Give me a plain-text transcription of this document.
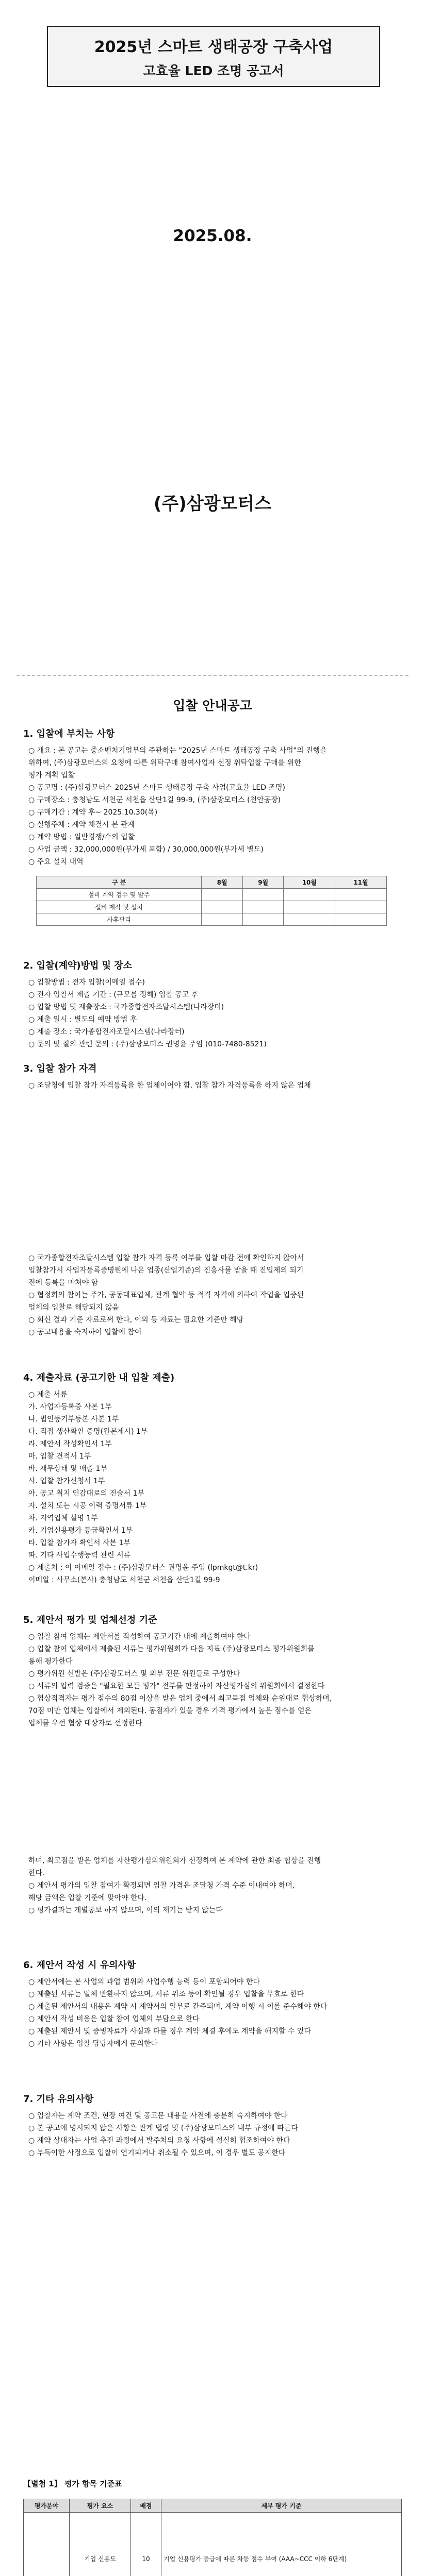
2025년 스마트 생태공장 구축사업
고효율 LED 조명 공고서
2025.08.
(주)삼광모터스
입찰 안내공고
1. 입찰에 부치는 사항
○ 개요 : 본 공고는 중소벤처기업부의 주관하는 "2025년 스마트 생태공장 구축 사업"의 진행을
위하여, (주)삼광모터스의 요청에 따른 위탁구매 참여사업자 선정 위탁입찰 구매를 위한
평가 계획 입찰
○ 공고명 : (주)삼광모터스 2025년 스마트 생태공장 구축 사업(고효율 LED 조명)
○ 구매장소 : 충청남도 서천군 서천읍 산단1길 99-9, (주)삼광모터스 (천안공장)
○ 구매기간 : 계약 후~ 2025.10.30(목)
○ 실행주체 : 계약 체결시 본 관계
○ 계약 방법 : 일반경쟁/수의 입찰
○ 사업 금액 : 32,000,000원(부가세 포함) / 30,000,000원(부가세 별도)
○ 주요 설치 내역
구 분	8월	9월	10월	11월
설비 계약 검수 및 발주				
설비 제작 및 설치				
사후관리				
2. 입찰(계약)방법 및 장소
○ 입찰방법 : 전자 입찰(이메일 접수)
○ 전자 입찰서 제출 기간 : (규모를 정해) 입찰 공고 후
○ 입찰 방법 및 제출장소 : 국가종합전자조달시스템(나라장터)
○ 제출 일시 : 별도의 예약 방법 후
○ 제출 장소 : 국가종합전자조달시스템(나라장터)
○ 문의 및 질의 관련 문의 : (주)삼광모터스 권명윤 주임 (010-7480-8521)
3. 입찰 참가 자격
○ 조달청에 입찰 참가 자격등록을 한 업체이어야 함. 입찰 참가 자격등록을 하지 않은 업체
○ 국가종합전자조달시스템 입찰 참가 자격 등록 여부를 입찰 마감 전에 확인하지 않아서
입찰참가시 사업자등록증명원에 나온 업종(산업기준)의 진흥사를 받을 때 진입제외 되기
전에 등록을 마쳐야 함
○ 협정회의 참여는 주가, 공동대표업체, 관계 협약 등 적격 자격에 의하여 작업을 입증된
업체의 입찰로 해당되지 않음
○ 회신 결과 기준 자료로써 한다, 이외 등 자료는 필요한 기준만 해당
○ 공고내용을 숙지하여 입찰에 참여
4. 제출자료 (공고기한 내 입찰 제출)
○ 제출 서류
가. 사업자등록증 사본 1부
나. 법인등기부등본 사본 1부
다. 직접 생산확인 증명(원본제시) 1부
라. 제안서 작성확인서 1부
마. 입찰 견적서 1부
바. 재무상태 및 매출 1부
사. 입찰 참가신청서 1부
아. 공고 취지 인감대로의 진술서 1부
자. 설치 또는 시공 이력 증명서류 1부
차. 지역업체 설명 1부
카. 기업신용평가 등급확인서 1부
타. 입찰 참가자 확인서 사본 1부
파. 기타 사업수행능력 관련 서류
○ 제출처 : 이 이메일 접수 : (주)삼광모터스 권명윤 주임 (lpmkgt@t.kr)
이메일 : 사무소(본사) 충청남도 서천군 서천읍 산단1길 99-9
5. 제안서 평가 및 업체선정 기준
○ 입찰 참여 업체는 제안서를 작성하여 공고기간 내에 제출하여야 한다
○ 입찰 참여 업체에서 제출된 서류는 평가위원회가 다음 지표 (주)삼광모터스 평가위원회를
통해 평가한다
○ 평가위원 선발은 (주)삼광모터스 및 외부 전문 위원들로 구성한다
○ 서류의 입력 검증은 "필요한 모든 평가" 전부를 판정하여 자산평가심의 위원회에서 결정한다
○ 협상적격자는 평가 점수의 80점 이상을 받은 업체 중에서 최고득점 업체와 순위대로 협상하며,
70점 미만 업체는 입찰에서 제외된다. 동점자가 있을 경우 가격 평가에서 높은 점수를 얻은
업체를 우선 협상 대상자로 선정한다
하며, 최고점을 받은 업체를 자산평가심의위원회가 선정하여 본 계약에 관한 최종 협상을 진행
한다.
○ 제안서 평가의 입찰 참여가 확정되면 입찰 가격은 조달청 가격 수준 이내여야 하며,
해당 금액은 입찰 기준에 맞아야 한다.
○ 평가결과는 개별통보 하지 않으며, 이의 제기는 받지 않는다
6. 제안서 작성 시 유의사항
○ 제안서에는 본 사업의 과업 범위와 사업수행 능력 등이 포함되어야 한다
○ 제출된 서류는 일체 반환하지 않으며, 서류 위조 등이 확인될 경우 입찰을 무효로 한다
○ 제출된 제안서의 내용은 계약 시 계약서의 일부로 간주되며, 계약 이행 시 이를 준수해야 한다
○ 제안서 작성 비용은 입찰 참여 업체의 부담으로 한다
○ 제출된 제안서 및 증빙자료가 사실과 다를 경우 계약 체결 후에도 계약을 해지할 수 있다
○ 기타 사항은 입찰 담당자에게 문의한다
7. 기타 유의사항
○ 입찰자는 계약 조건, 현장 여건 및 공고문 내용을 사전에 충분히 숙지하여야 한다
○ 본 공고에 명시되지 않은 사항은 관계 법령 및 (주)삼광모터스의 내부 규정에 따른다
○ 계약 상대자는 사업 추진 과정에서 발주처의 요청 사항에 성실히 협조하여야 한다
○ 부득이한 사정으로 입찰이 연기되거나 취소될 수 있으며, 이 경우 별도 공지한다
【별첨 1】 평가 항목 기준표
평가분야	평가 요소	배점	세부 평가 기준
	기업 신용도	10	기업 신용평가 등급에 따른 차등 점수 부여 (AAA~CCC 이하 6단계)
